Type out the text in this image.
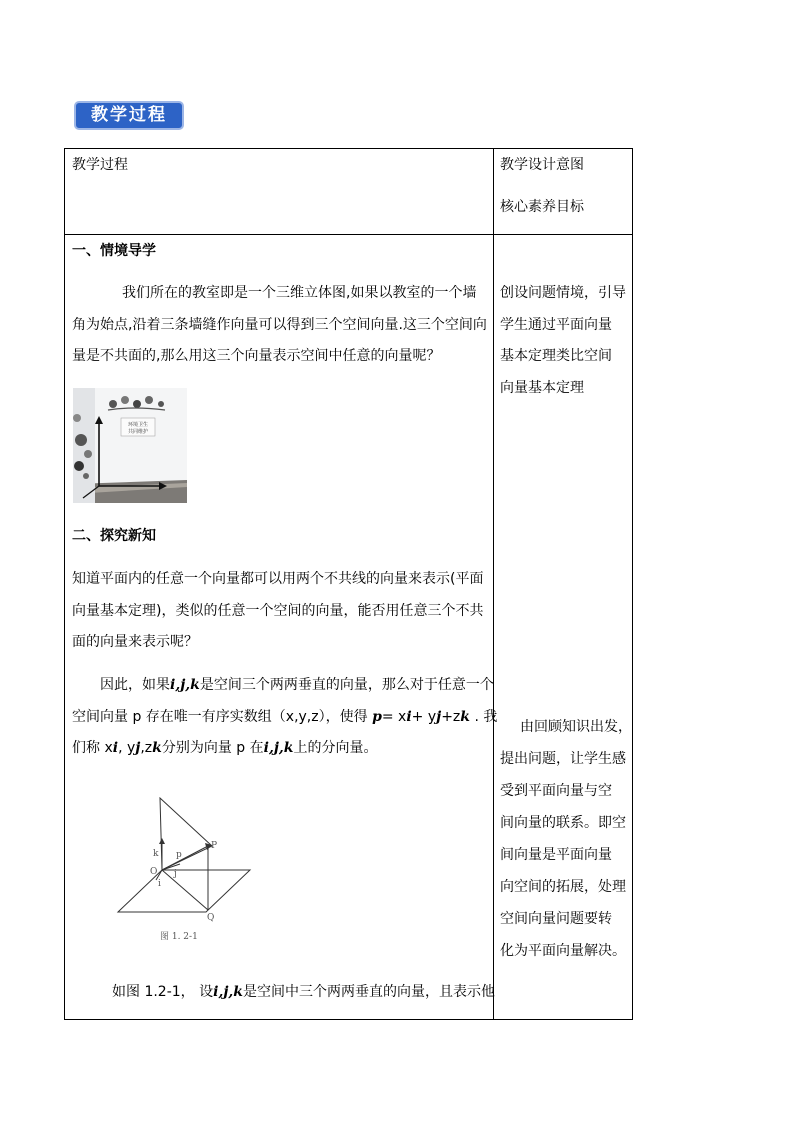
教学过程
教学过程	教学设计意图
核心素养目标
一、情境导学
我们所在的教室即是一个三维立体图,如果以教室的一个墙
角为始点,沿着三条墙缝作向量可以得到三个空间向量.这三个空间向
量是不共面的,那么用这三个向量表示空间中任意的向量呢？
环境卫生
共同维护
二、探究新知
知道平面内的任意一个向量都可以用两个不共线的向量来表示(平面
向量基本定理)，类似的任意一个空间的向量，能否用任意三个不共
面的向量来表示呢？
因此，如果i,j,k是空间三个两两垂直的向量，那么对于任意一个
空间向量 p 存在唯一有序实数组（x,y,z），使得 p= xi+ yj+zk . 我
们称 xi, yj,zk分别为向量 p 在i,j,k上的分向量。
P
Q
O
k p
j
i
图 1. 2-1
如图 1.2-1， 设i,j,k是空间中三个两两垂直的向量，且表示他
创设问题情境，引导
学生通过平面向量
基本定理类比空间
向量基本定理
由回顾知识出发，
提出问题，让学生感
受到平面向量与空
间向量的联系。即空
间向量是平面向量
向空间的拓展，处理
空间向量问题要转
化为平面向量解决。
